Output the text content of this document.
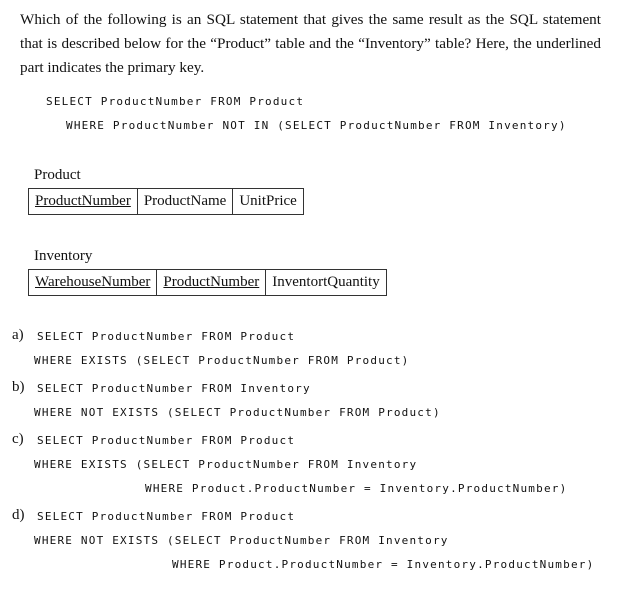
Which of the following is an SQL statement that gives the same result as the SQL statement that is described below for the “Product” table and the “Inventory” table? Here, the underlined part indicates the primary key.
SELECT ProductNumber FROM Product
WHERE ProductNumber NOT IN (SELECT ProductNumber FROM Inventory)
Product
ProductNumber ProductName UnitPrice
Inventory
WarehouseNumber ProductNumber InventortQuantity
a) SELECT ProductNumber FROM Product
WHERE EXISTS (SELECT ProductNumber FROM Product)
b) SELECT ProductNumber FROM Inventory
WHERE NOT EXISTS (SELECT ProductNumber FROM Product)
c) SELECT ProductNumber FROM Product
WHERE EXISTS (SELECT ProductNumber FROM Inventory
WHERE Product.ProductNumber = Inventory.ProductNumber)
d) SELECT ProductNumber FROM Product
WHERE NOT EXISTS (SELECT ProductNumber FROM Inventory
WHERE Product.ProductNumber = Inventory.ProductNumber)
